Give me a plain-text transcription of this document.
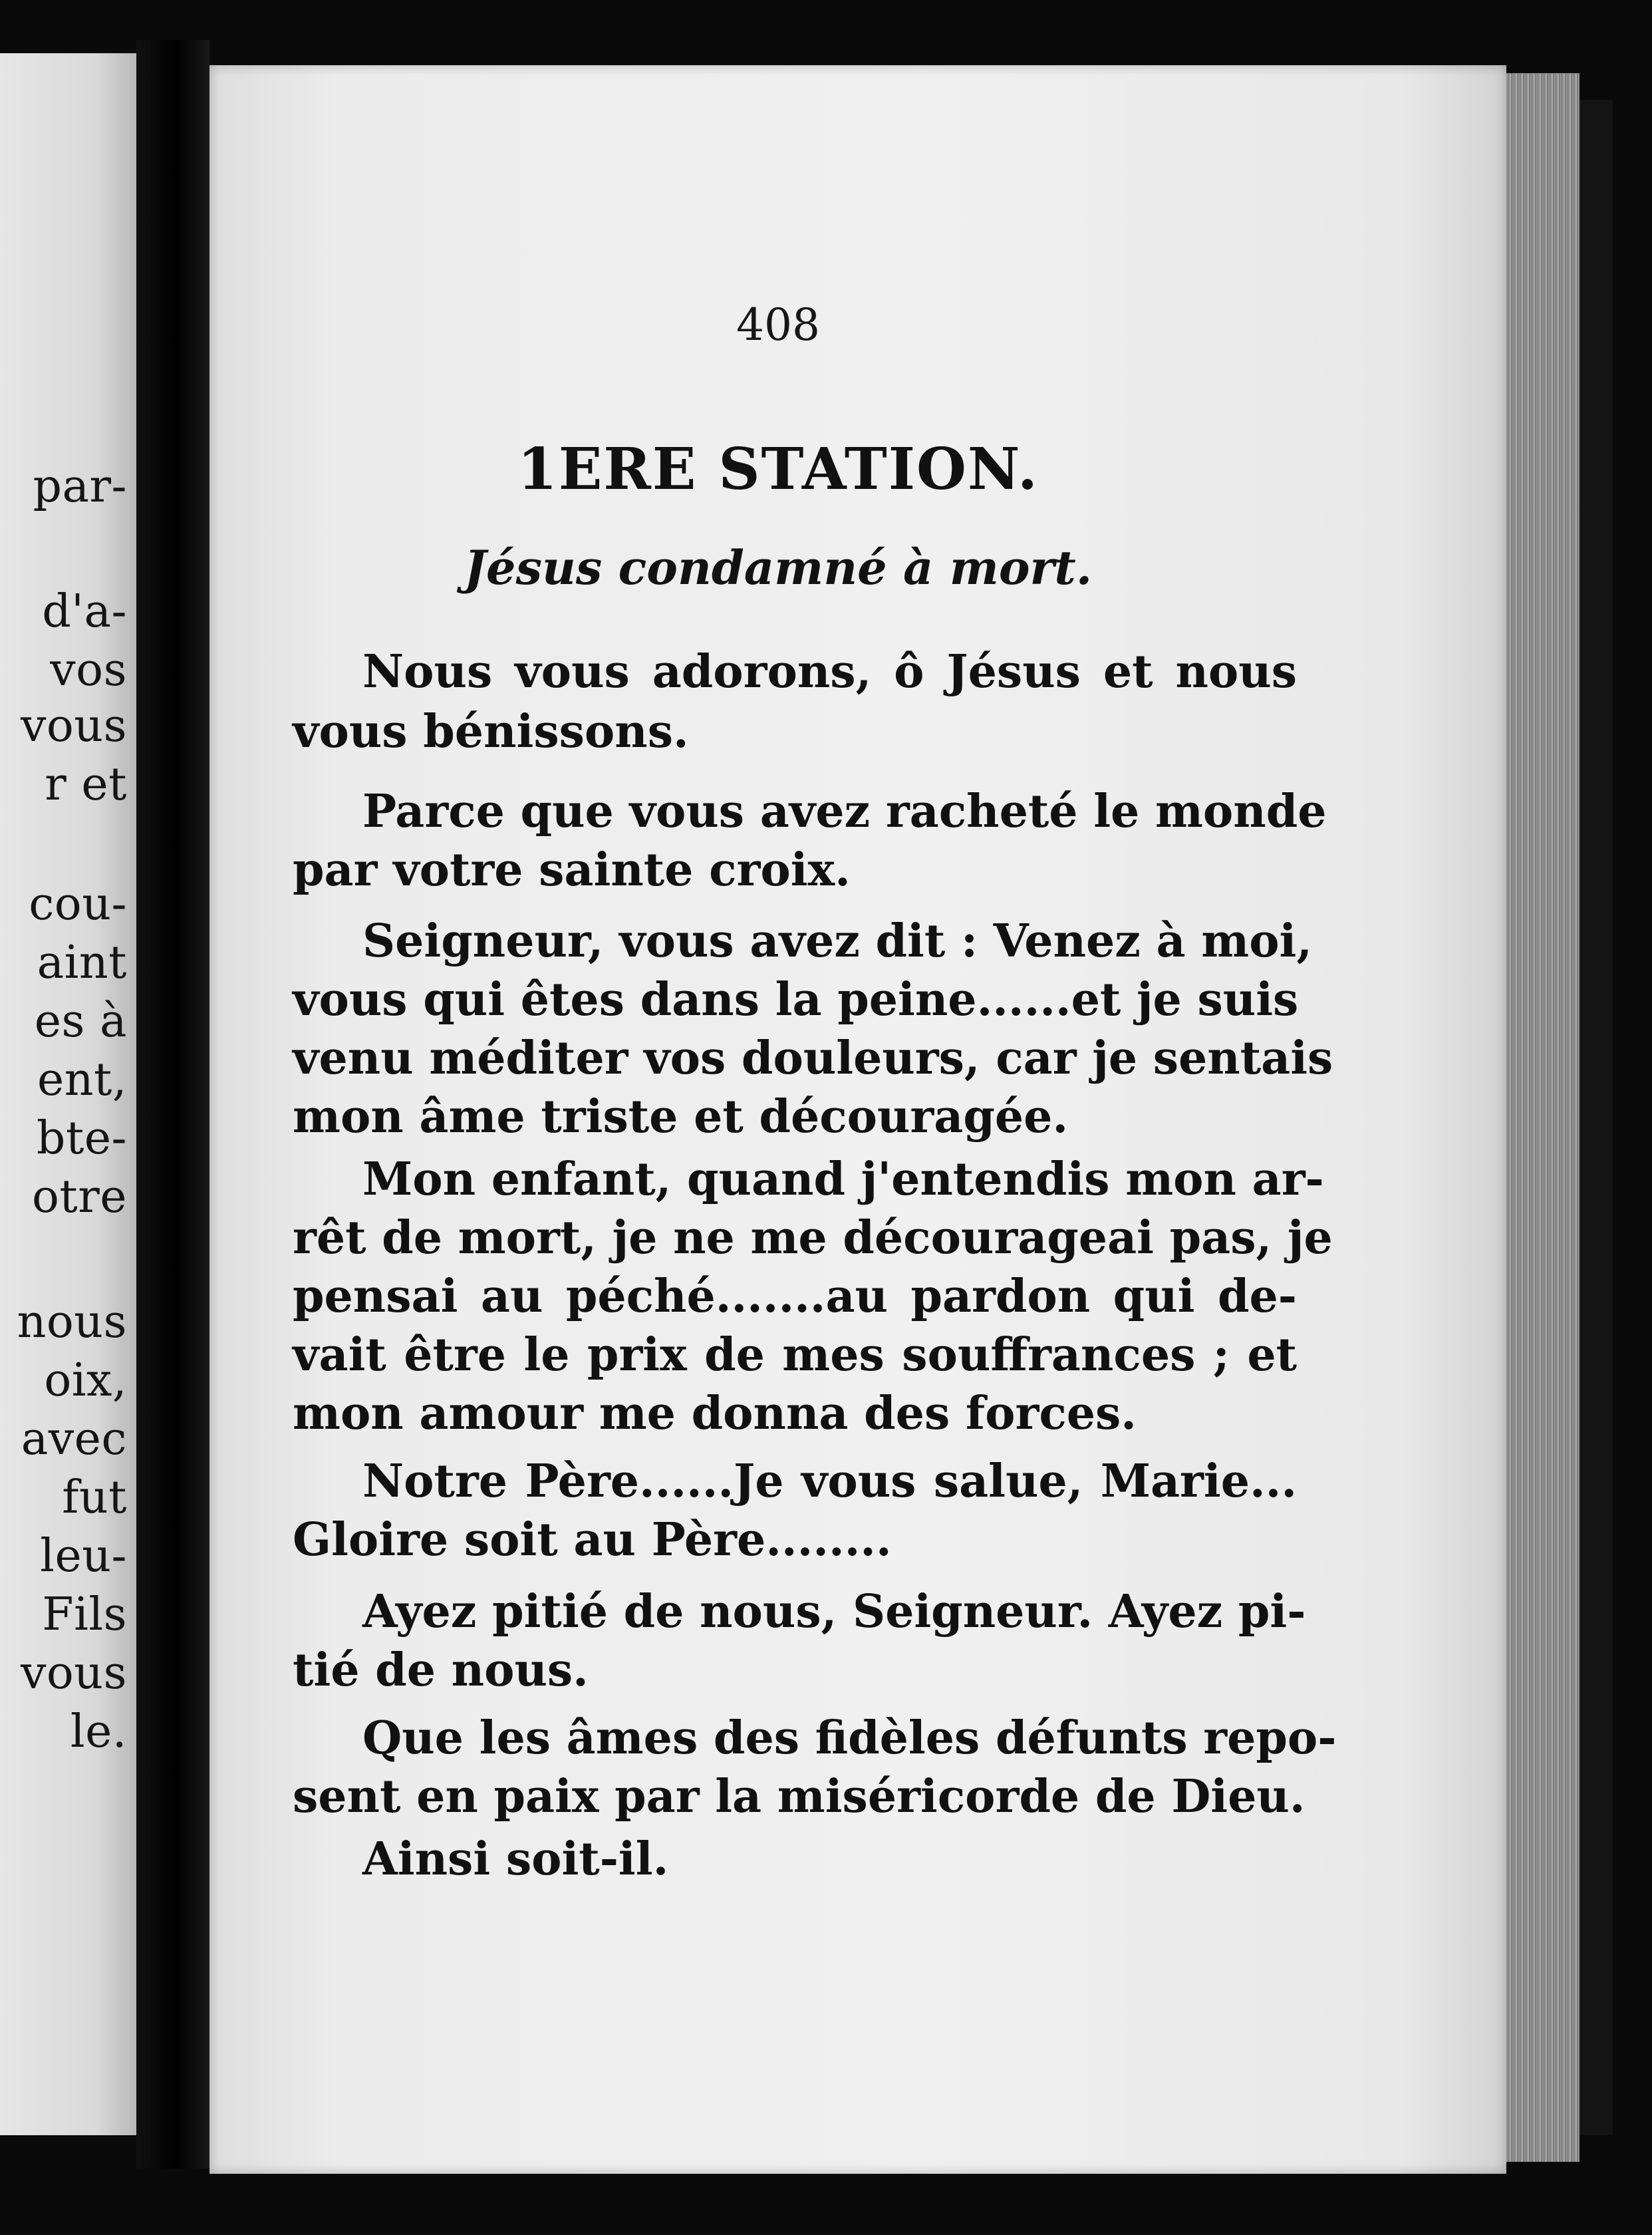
par-
d'a-
vos
vous
r et
cou-
aint
es à
ent,
bte-
otre
nous
oix,
avec
fut
leu-
Fils
vous
le.
408
1ERE STATION.
Jésus condamné à mort.
Nous vous adorons, ô Jésus et nous
vous bénissons.
Parce que vous avez racheté le monde
par votre sainte croix.
Seigneur, vous avez dit : Venez à moi,
vous qui êtes dans la peine......et je suis
venu méditer vos douleurs, car je sentais
mon âme triste et découragée.
Mon enfant, quand j'entendis mon ar-
rêt de mort, je ne me décourageai pas, je
pensai au péché.......au pardon qui de-
vait être le prix de mes souffrances ; et
mon amour me donna des forces.
Notre Père......Je vous salue, Marie...
Gloire soit au Père........
Ayez pitié de nous, Seigneur. Ayez pi-
tié de nous.
Que les âmes des fidèles défunts repo-
sent en paix par la miséricorde de Dieu.
Ainsi soit-il.
